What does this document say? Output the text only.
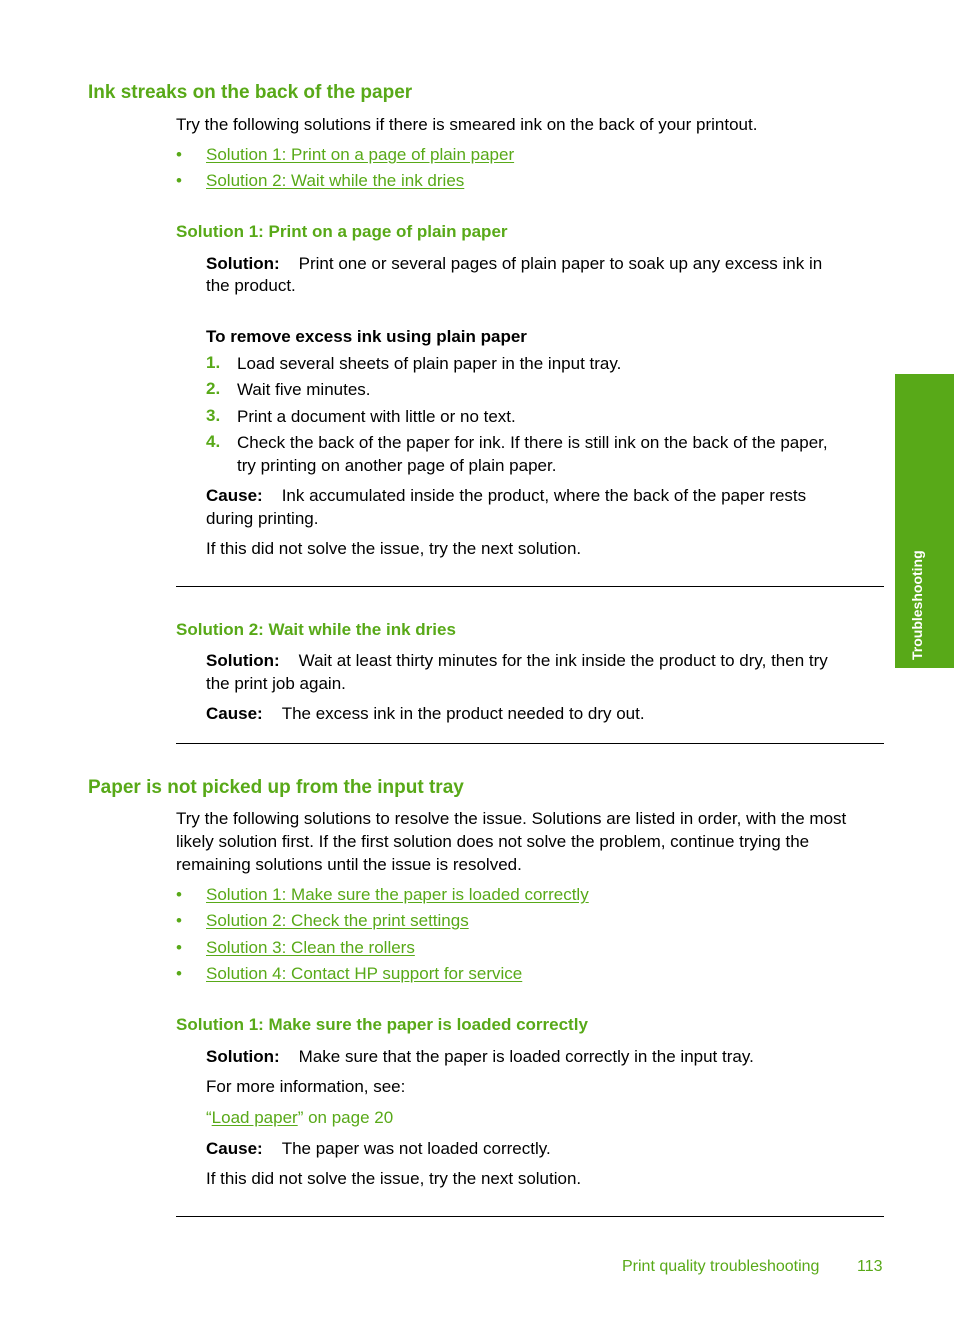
Ink streaks on the back of the paper
Try the following solutions if there is smeared ink on the back of your printout.
• Solution 1: Print on a page of plain paper
• Solution 2: Wait while the ink dries
Solution 1: Print on a page of plain paper
Solution: Print one or several pages of plain paper to soak up any excess ink in
the product.
To remove excess ink using plain paper
1. Load several sheets of plain paper in the input tray.
2. Wait five minutes.
3. Print a document with little or no text.
4. Check the back of the paper for ink. If there is still ink on the back of the paper,
try printing on another page of plain paper.
Cause: Ink accumulated inside the product, where the back of the paper rests
during printing.
If this did not solve the issue, try the next solution.
Solution 2: Wait while the ink dries
Solution: Wait at least thirty minutes for the ink inside the product to dry, then try
the print job again.
Cause: The excess ink in the product needed to dry out.
Paper is not picked up from the input tray
Try the following solutions to resolve the issue. Solutions are listed in order, with the most
likely solution first. If the first solution does not solve the problem, continue trying the
remaining solutions until the issue is resolved.
• Solution 1: Make sure the paper is loaded correctly
• Solution 2: Check the print settings
• Solution 3: Clean the rollers
• Solution 4: Contact HP support for service
Solution 1: Make sure the paper is loaded correctly
Solution: Make sure that the paper is loaded correctly in the input tray.
For more information, see:
“Load paper” on page 20
Cause: The paper was not loaded correctly.
If this did not solve the issue, try the next solution.
Troubleshooting
Print quality troubleshooting 113
